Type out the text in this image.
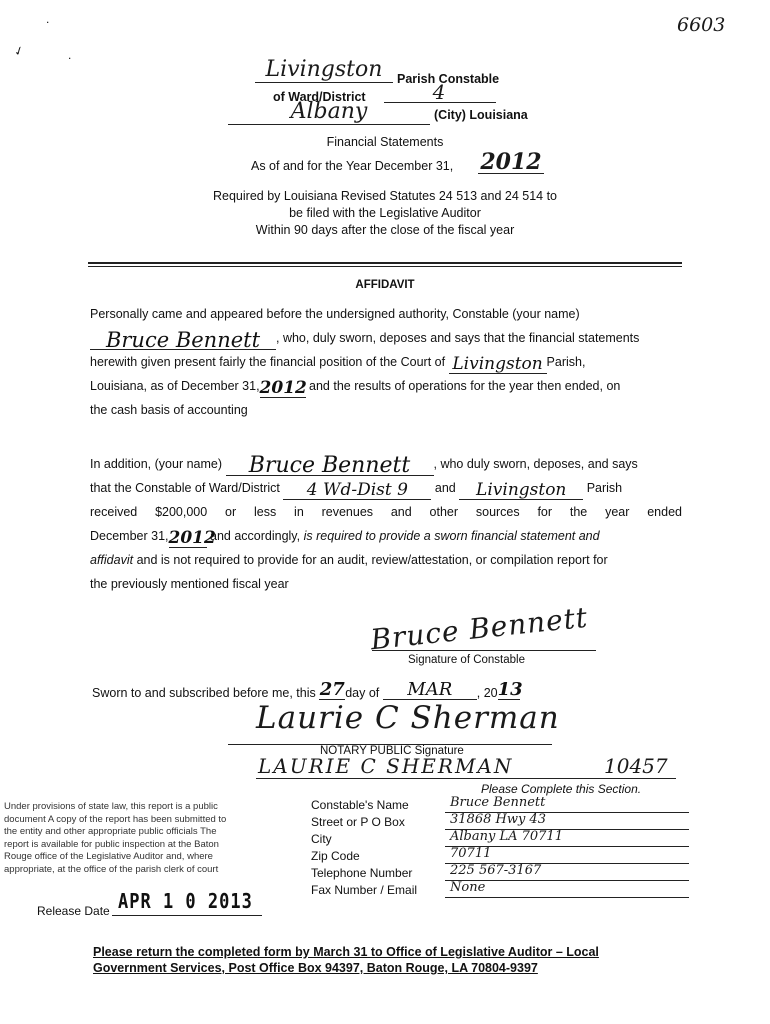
6603
✓
.
.
Livingston	Parish Constable
of Ward/District	4
Albany	(City) Louisiana
Financial Statements
As of and for the Year December 31, 2012
Required by Louisiana Revised Statutes 24 513 and 24 514 to
be filed with the Legislative Auditor
Within 90 days after the close of the fiscal year
AFFIDAVIT
Personally came and appeared before the undersigned authority, Constable (your name)
Bruce Bennett , who, duly sworn, deposes and says that the financial statements
herewith given present fairly the financial position of the Court of Livingston Parish,
Louisiana, as of December 31,2012 and the results of operations for the year then ended, on
the cash basis of accounting
In addition, (your name) Bruce Bennett , who duly sworn, deposes, and says
that the Constable of Ward/District 4 Wd-Dist 9 and Livingston Parish
received $200,000 or less in revenues and other sources for the year ended
December 31,2012 and accordingly, is required to provide a sworn financial statement and
affidavit and is not required to provide for an audit, review/attestation, or compilation report for
the previously mentioned fiscal year
Bruce Bennett
Signature of Constable
Sworn to and subscribed before me, this 27day of MAR , 2013
Laurie C Sherman
NOTARY PUBLIC Signature
LAURIE C SHERMAN	10457
Please Complete this Section.
Constable's Name	Bruce Bennett
Street or P O Box	31868 Hwy 43
City	Albany LA 70711
Zip Code	70711
Telephone Number	225 567-3167
Fax Number / Email	None
Under provisions of state law, this report is a public
document A copy of the report has been submitted to
the entity and other appropriate public officials The
report is available for public inspection at the Baton
Rouge office of the Legislative Auditor and, where
appropriate, at the office of the parish clerk of court
Release Date APR 1 0 2013
Please return the completed form by March 31 to Office of Legislative Auditor – Local
Government Services, Post Office Box 94397, Baton Rouge, LA 70804-9397
